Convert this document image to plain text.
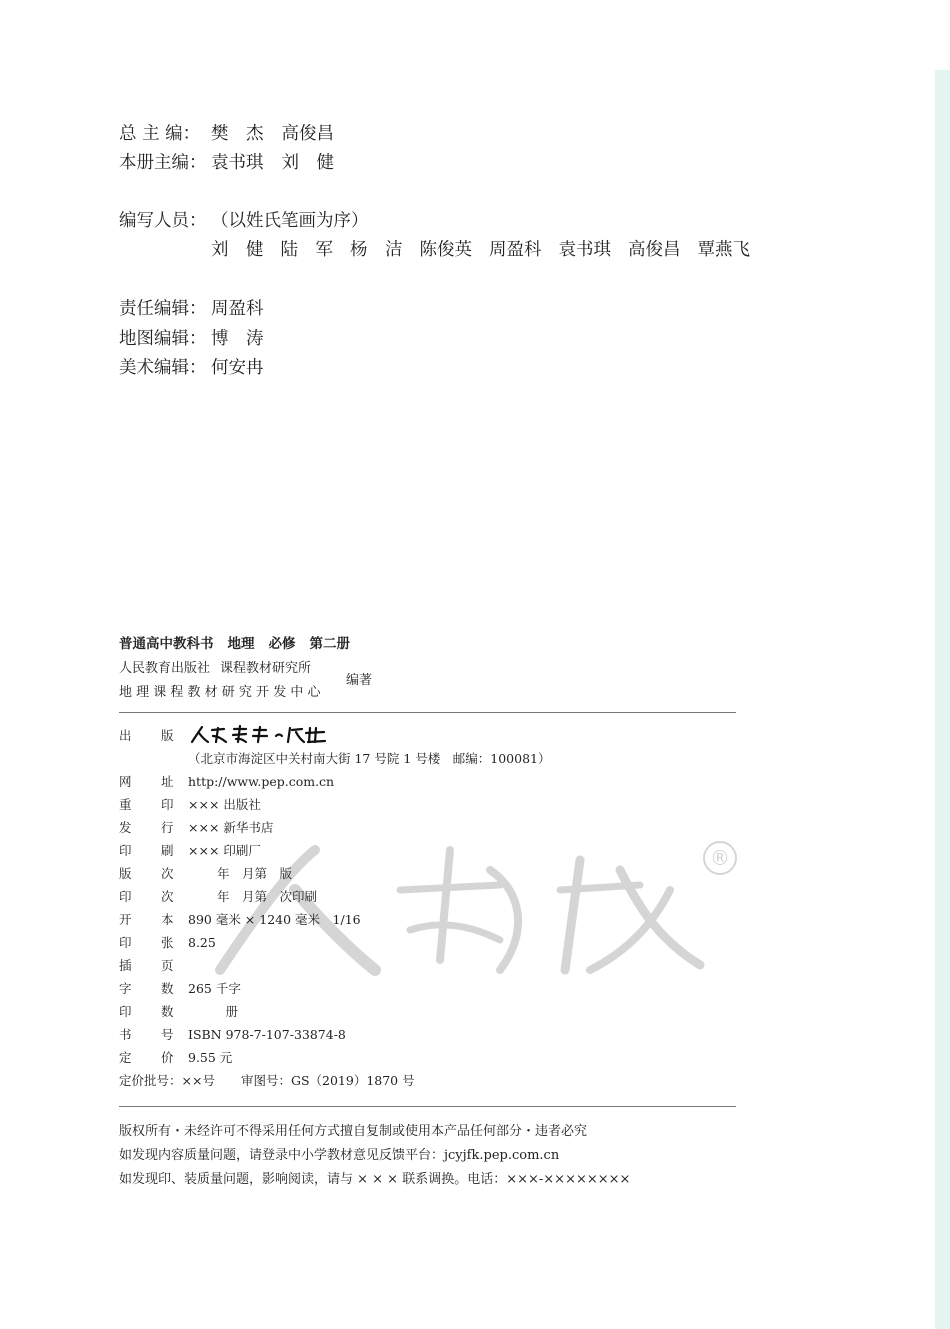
总 主 编： 樊　杰 高俊昌
本册主编： 袁书琪 刘　健
编写人员： （以姓氏笔画为序）
刘　健 陆　军 杨　洁 陈俊英 周盈科 袁书琪 高俊昌 覃燕飞
责任编辑： 周盈科
地图编辑： 博　涛
美术编辑： 何安冉
普通高中教科书 地理 必修 第二册
人民教育出版社 课程教材研究所
地 理 课 程 教 材 研 究 开 发 中 心
编著
®
出 版
（北京市海淀区中关村南大街 17 号院 1 号楼　邮编：100081）
网 址 http://www.pep.com.cn
重 印 ××× 出版社
发 行 ××× 新华书店
印 刷 ××× 印刷厂
版 次　　 年　月第　版
印 次　　 年　月第　次印刷
开 本 890 毫米 × 1240 毫米　1/16
印 张 8.25
插 页
字 数 265 千字
印 数　　　册
书 号 ISBN 978-7-107-33874-8
定 价 9.55 元
定价批号：××号 审图号：GS（2019）1870 号
版权所有・未经许可不得采用任何方式擅自复制或使用本产品任何部分・违者必究
如发现内容质量问题，请登录中小学教材意见反馈平台：jcyjfk.pep.com.cn
如发现印、装质量问题，影响阅读，请与 × × × 联系调换。电话：×××-××××××××
